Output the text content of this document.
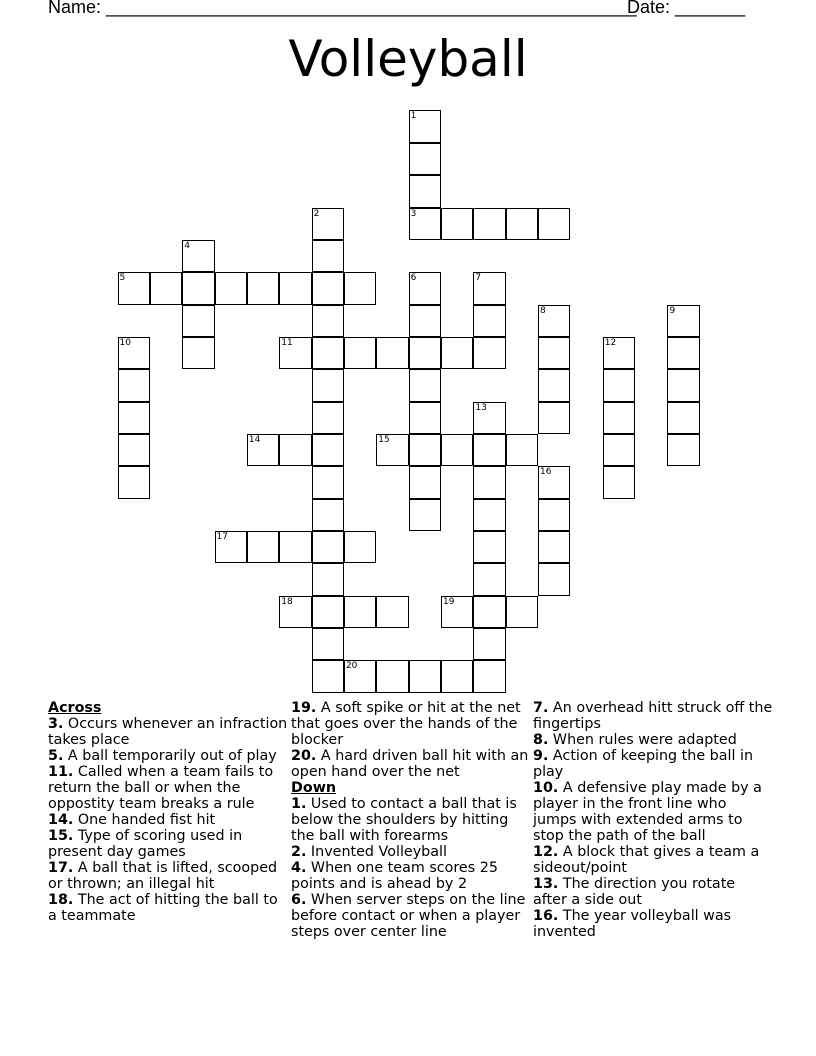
Name: _____________________________________________________
Date: _______
Volleyball
1
3
2
4
5	6	7
8	9
10	11	12
13
14	15
16
17
18	19
20
Across
3. Occurs whenever an infraction takes place
5. A ball temporarily out of play
11. Called when a team fails to return the ball or when the oppostity team breaks a rule
14. One handed fist hit
15. Type of scoring used in present day games
17. A ball that is lifted, scooped or thrown; an illegal hit
18. The act of hitting the ball to a teammate
19. A soft spike or hit at the net that goes over the hands of the blocker
20. A hard driven ball hit with an open hand over the net
Down
1. Used to contact a ball that is below the shoulders by hitting the ball with forearms
2. Invented Volleyball
4. When one team scores 25 points and is ahead by 2
6. When server steps on the line before contact or when a player steps over center line
7. An overhead hitt struck off the fingertips
8. When rules were adapted
9. Action of keeping the ball in play
10. A defensive play made by a player in the front line who jumps with extended arms to stop the path of the ball
12. A block that gives a team a sideout/point
13. The direction you rotate after a side out
16. The year volleyball was invented
